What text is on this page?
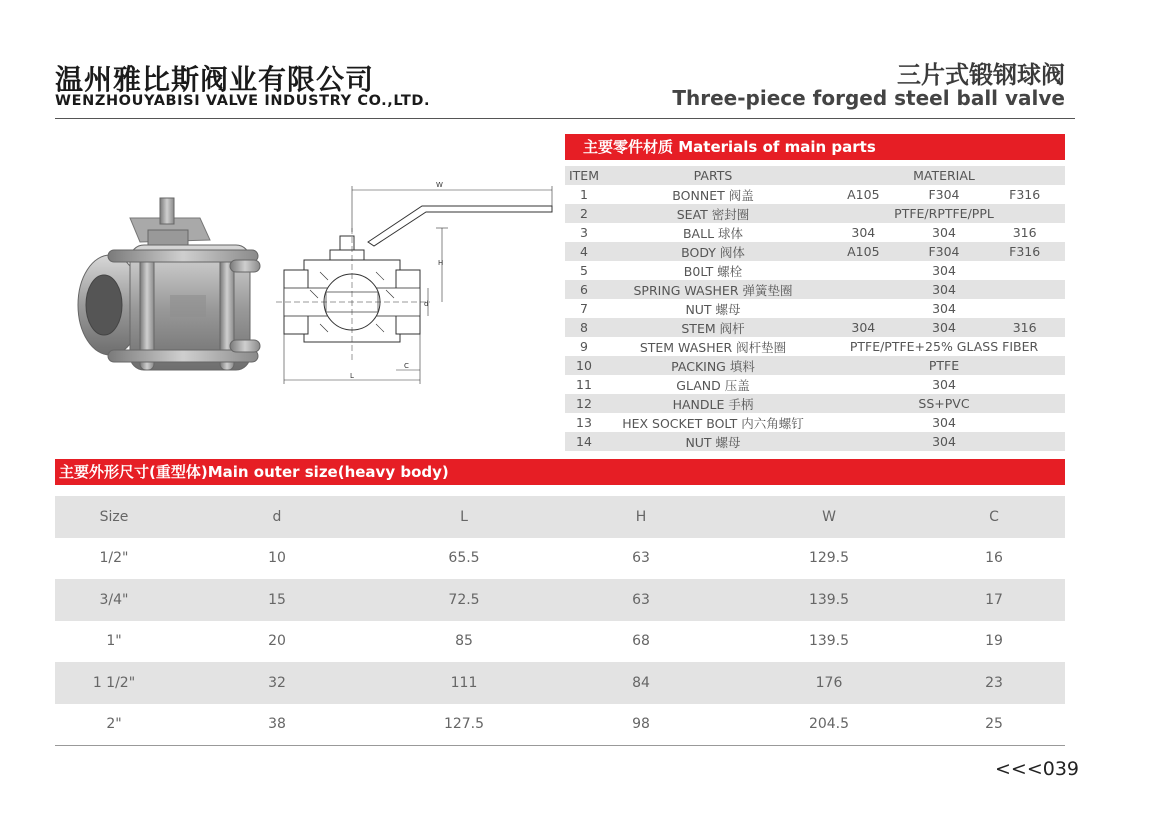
温州雅比斯阀业有限公司
WENZHOUYABISI VALVE INDUSTRY CO.,LTD.
三片式锻钢球阀
Three-piece forged steel ball valve
W
H
d
L
C
主要零件材质 Materials of main parts
ITEM	PARTS	MATERIAL		
1	BONNET 阀盖	A105	F304	F316
2	SEAT 密封圈	PTFE/RPTFE/PPL		
3	BALL 球体	304	304	316
4	BODY 阀体	A105	F304	F316
5	B0LT 螺栓	304		
6	SPRING WASHER 弹簧垫圈	304		
7	NUT 螺母	304		
8	STEM 阀杆	304	304	316
9	STEM WASHER 阀杆垫圈	PTFE/PTFE+25% GLASS FIBER		
10	PACKING 填料	PTFE		
11	GLAND 压盖	304		
12	HANDLE 手柄	SS+PVC		
13	HEX SOCKET BOLT 内六角螺钉	304		
14	NUT 螺母	304		
主要外形尺寸(重型体)Main outer size(heavy body)
Size	d	L	H	W	C
1/2"	10	65.5	63	129.5	16
3/4"	15	72.5	63	139.5	17
1"	20	85	68	139.5	19
1 1/2"	32	111	84	176	23
2"	38	127.5	98	204.5	25
<<<039
